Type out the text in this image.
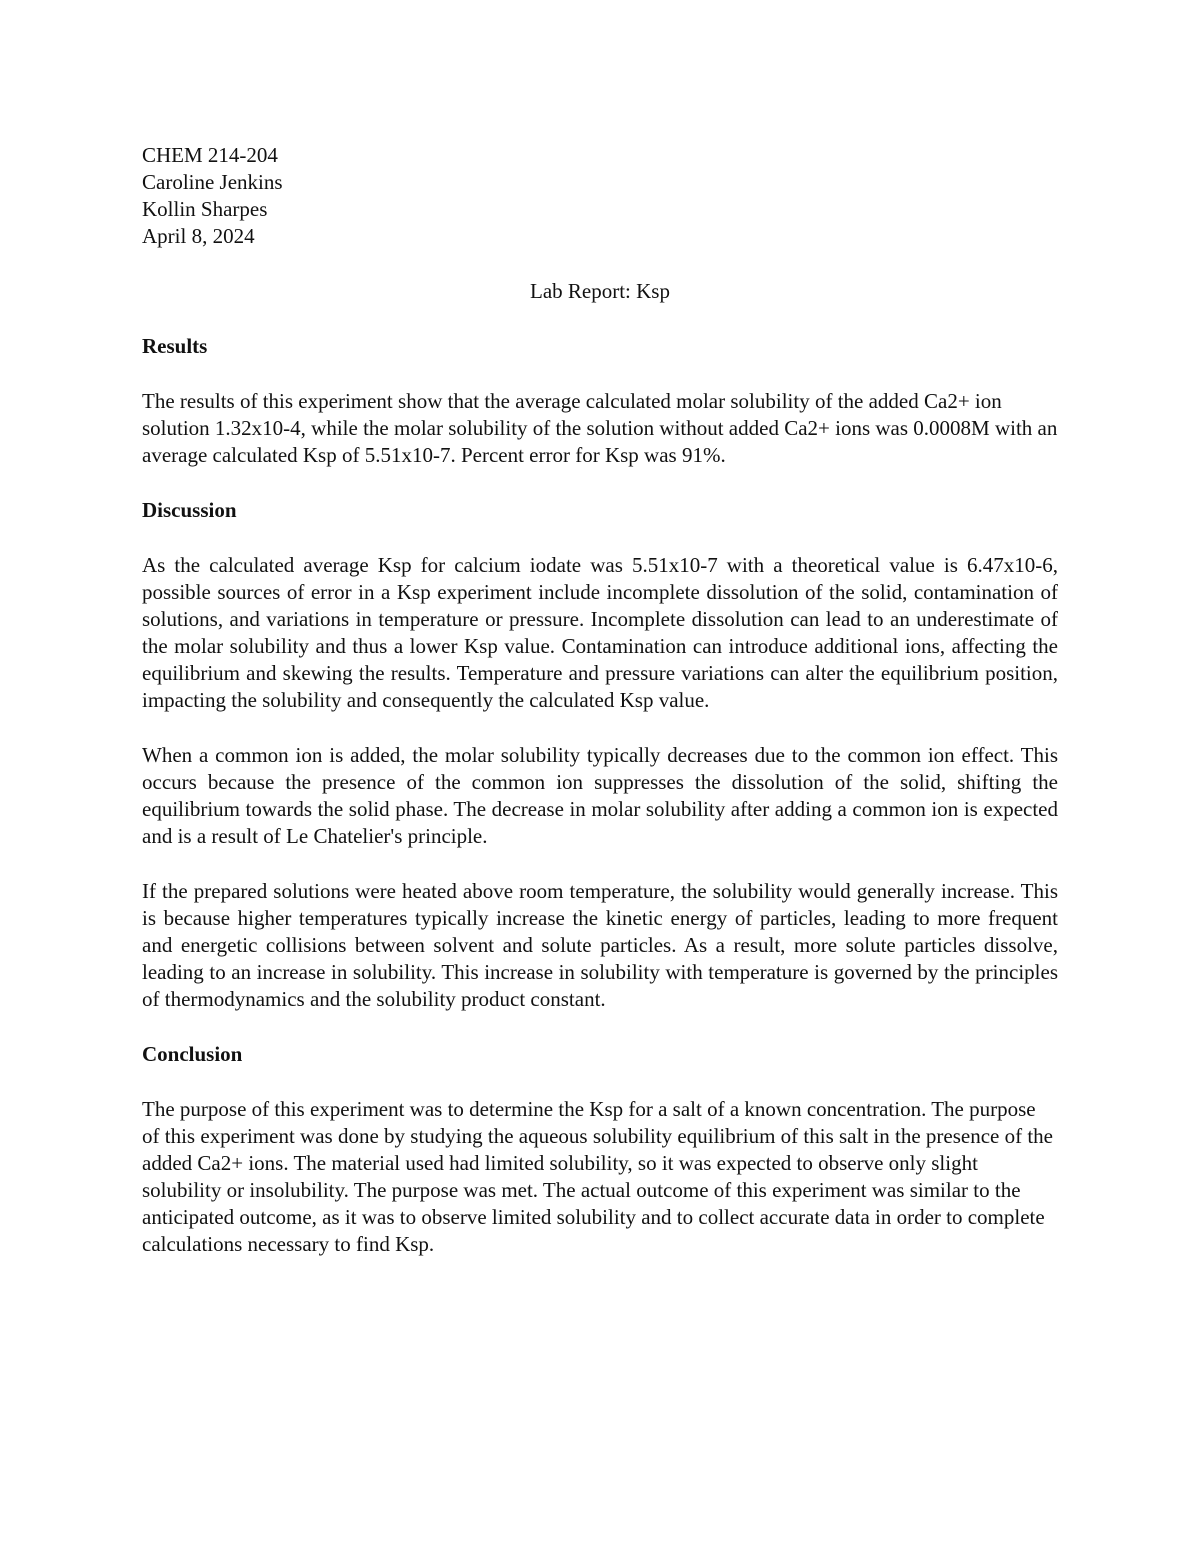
CHEM 214-204
Caroline Jenkins
Kollin Sharpes
April 8, 2024
Lab Report: Ksp
Results

The results of this experiment show that the average calculated molar solubility of the added Ca2+ ion solution 1.32x10-4, while the molar solubility of the solution without added Ca2+ ions was 0.0008M with an average calculated Ksp of 5.51x10-7. Percent error for Ksp was 91%.

Discussion

As the calculated average Ksp for calcium iodate was 5.51x10-7 with a theoretical value is 6.47x10-6, possible sources of error in a Ksp experiment include incomplete dissolution of the solid, contamination of solutions, and variations in temperature or pressure. Incomplete dissolution can lead to an underestimate of the molar solubility and thus a lower Ksp value. Contamination can introduce additional ions, affecting the equilibrium and skewing the results. Temperature and pressure variations can alter the equilibrium position, impacting the solubility and consequently the calculated Ksp value.

When a common ion is added, the molar solubility typically decreases due to the common ion effect. This occurs because the presence of the common ion suppresses the dissolution of the solid, shifting the equilibrium towards the solid phase. The decrease in molar solubility after adding a common ion is expected and is a result of Le Chatelier's principle.

If the prepared solutions were heated above room temperature, the solubility would generally increase. This is because higher temperatures typically increase the kinetic energy of particles, leading to more frequent and energetic collisions between solvent and solute particles. As a result, more solute particles dissolve, leading to an increase in solubility. This increase in solubility with temperature is governed by the principles of thermodynamics and the solubility product constant.

Conclusion

The purpose of this experiment was to determine the Ksp for a salt of a known concentration. The purpose of this experiment was done by studying the aqueous solubility equilibrium of this salt in the presence of the added Ca2+ ions. The material used had limited solubility, so it was expected to observe only slight solubility or insolubility. The purpose was met. The actual outcome of this experiment was similar to the anticipated outcome, as it was to observe limited solubility and to collect accurate data in order to complete calculations necessary to find Ksp.
